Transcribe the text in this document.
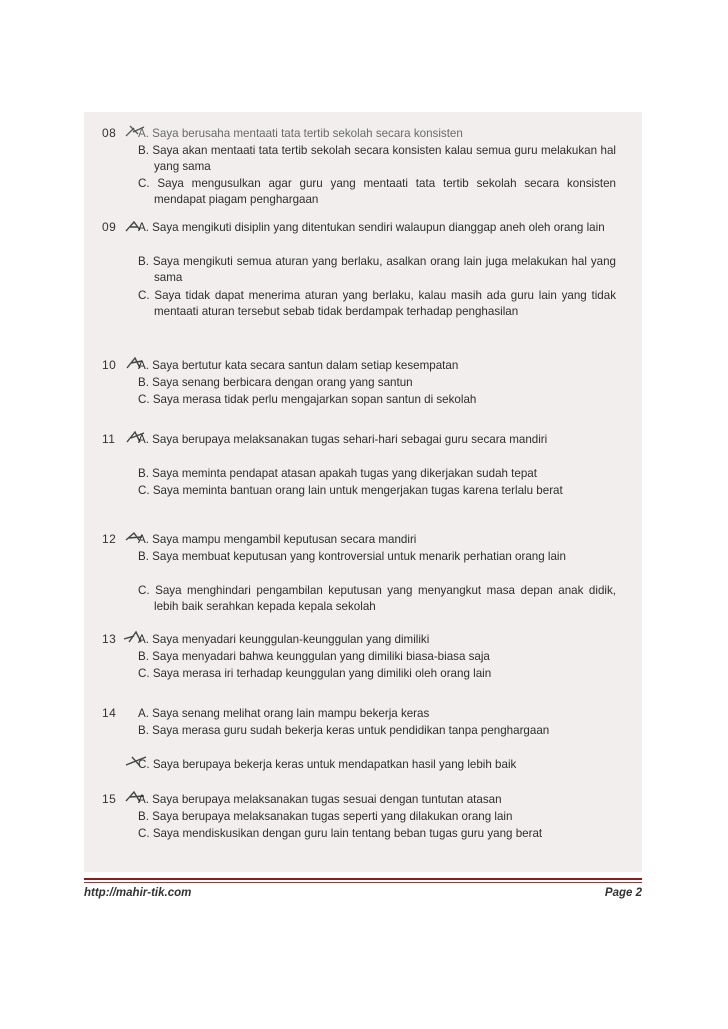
08 A. Saya berusaha mentaati tata tertib sekolah secara konsisten
B. Saya akan mentaati tata tertib sekolah secara konsisten kalau semua guru melakukan hal yang sama
C. Saya mengusulkan agar guru yang mentaati tata tertib sekolah secara konsisten mendapat piagam penghargaan
09 A. Saya mengikuti disiplin yang ditentukan sendiri walaupun dianggap aneh oleh orang lain
B. Saya mengikuti semua aturan yang berlaku, asalkan orang lain juga melakukan hal yang sama
C. Saya tidak dapat menerima aturan yang berlaku, kalau masih ada guru lain yang tidak mentaati aturan tersebut sebab tidak berdampak terhadap penghasilan
10 A. Saya bertutur kata secara santun dalam setiap kesempatan
B. Saya senang berbicara dengan orang yang santun
C. Saya merasa tidak perlu mengajarkan sopan santun di sekolah
11 A. Saya berupaya melaksanakan tugas sehari-hari sebagai guru secara mandiri
B. Saya meminta pendapat atasan apakah tugas yang dikerjakan sudah tepat
C. Saya meminta bantuan orang lain untuk mengerjakan tugas karena terlalu berat
12 A. Saya mampu mengambil keputusan secara mandiri
B. Saya membuat keputusan yang kontroversial untuk menarik perhatian orang lain
C. Saya menghindari pengambilan keputusan yang menyangkut masa depan anak didik, lebih baik serahkan kepada kepala sekolah
13 A. Saya menyadari keunggulan-keunggulan yang dimiliki
B. Saya menyadari bahwa keunggulan yang dimiliki biasa-biasa saja
C. Saya merasa iri terhadap keunggulan yang dimiliki oleh orang lain
14 A. Saya senang melihat orang lain mampu bekerja keras
B. Saya merasa guru sudah bekerja keras untuk pendidikan tanpa penghargaan
C. Saya berupaya bekerja keras untuk mendapatkan hasil yang lebih baik
15 A. Saya berupaya melaksanakan tugas sesuai dengan tuntutan atasan
B. Saya berupaya melaksanakan tugas seperti yang dilakukan orang lain
C. Saya mendiskusikan dengan guru lain tentang beban tugas guru yang berat
http://mahir-tik.com	Page 2
